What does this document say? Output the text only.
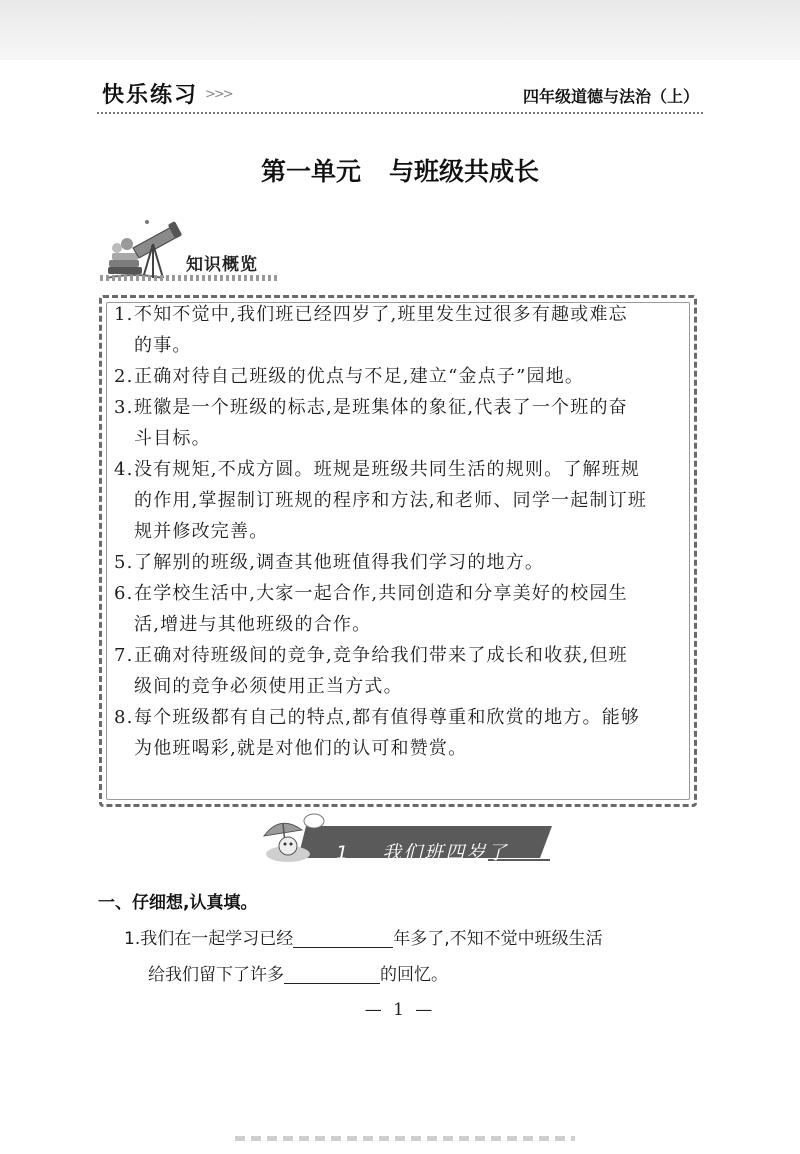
快乐练习 >>>	四年级道德与法治（上）
第一单元 与班级共成长
知识概览
1. 不知不觉中,我们班已经四岁了,班里发生过很多有趣或难忘
的事。
2. 正确对待自己班级的优点与不足,建立“金点子”园地。
3. 班徽是一个班级的标志,是班集体的象征,代表了一个班的奋
斗目标。
4. 没有规矩,不成方圆。班规是班级共同生活的规则。了解班规
的作用,掌握制订班规的程序和方法,和老师、同学一起制订班
规并修改完善。
5. 了解别的班级,调查其他班值得我们学习的地方。
6. 在学校生活中,大家一起合作,共同创造和分享美好的校园生
活,增进与其他班级的合作。
7. 正确对待班级间的竞争,竞争给我们带来了成长和收获,但班
级间的竞争必须使用正当方式。
8. 每个班级都有自己的特点,都有值得尊重和欣赏的地方。能够
为他班喝彩,就是对他们的认可和赞赏。
1 我们班四岁了
一、仔细想,认真填。
1.我们在一起学习已经	年多了,不知不觉中班级生活
给我们留下了许多	的回忆。
— 1 —
